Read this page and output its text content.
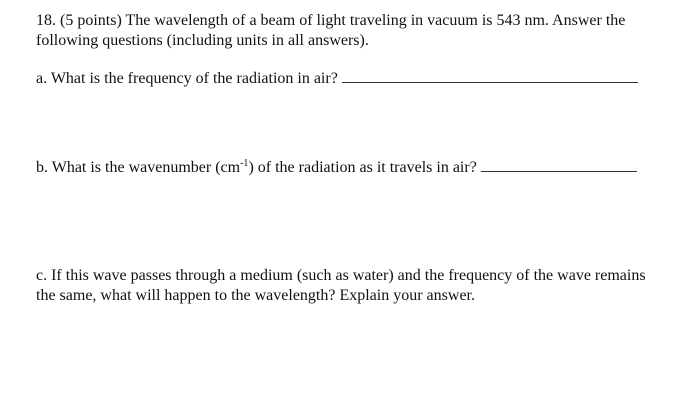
18. (5 points) The wavelength of a beam of light traveling in vacuum is 543 nm. Answer the
following questions (including units in all answers).
a. What is the frequency of the radiation in air?
b. What is the wavenumber $(cm^{-1})$ of the radiation as it travels in air?
c. If this wave passes through a medium (such as water) and the frequency of the wave remains
the same, what will happen to the wavelength? Explain your answer.
